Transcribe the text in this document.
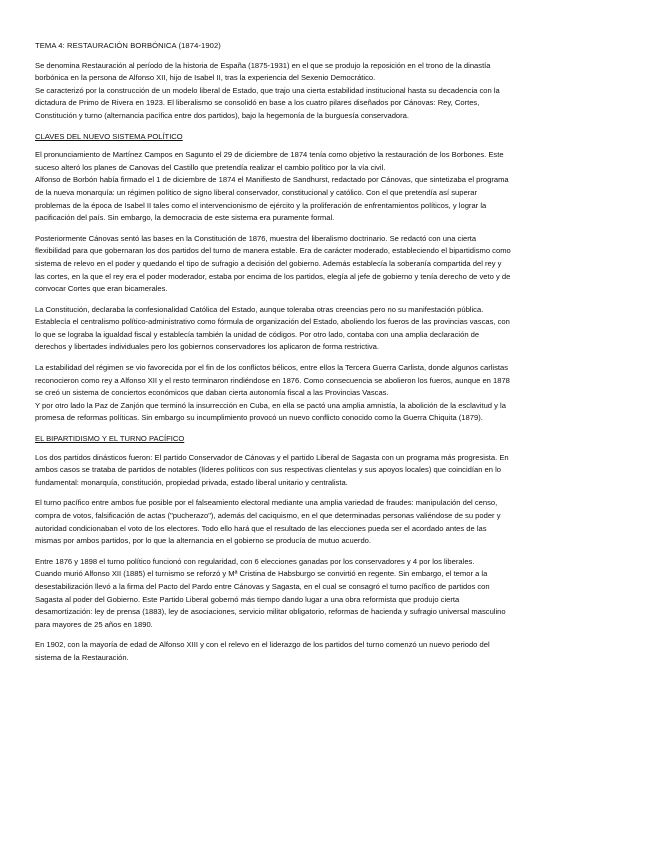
TEMA 4: RESTAURACIÓN BORBÓNICA (1874-1902)
Se denomina Restauración al período de la historia de España (1875-1931) en el que se produjo la reposición en el trono de la dinastía
borbónica en la persona de Alfonso XII, hijo de Isabel II, tras la experiencia del Sexenio Democrático.
Se caracterizó por la construcción de un modelo liberal de Estado, que trajo una cierta estabilidad institucional hasta su decadencia con la
dictadura de Primo de Rivera en 1923. El liberalismo se consolidó en base a los cuatro pilares diseñados por Cánovas: Rey, Cortes,
Constitución y turno (alternancia pacífica entre dos partidos), bajo la hegemonía de la burguesía conservadora.
CLAVES DEL NUEVO SISTEMA POLÍTICO
El pronunciamiento de Martínez Campos en Sagunto el 29 de diciembre de 1874 tenía como objetivo la restauración de los Borbones. Este
suceso alteró los planes de Canovas del Castillo que pretendía realizar el cambio político por la vía civil.
Alfonso de Borbón había firmado el 1 de diciembre de 1874 el Manifiesto de Sandhurst, redactado por Cánovas, que sintetizaba el programa
de la nueva monarquía: un régimen político de signo liberal conservador, constitucional y católico. Con el que pretendía así superar
problemas de la época de Isabel II tales como el intervencionismo de ejército y la proliferación de enfrentamientos políticos, y lograr la
pacificación del país. Sin embargo, la democracia de este sistema era puramente formal.
Posteriormente Cánovas sentó las bases en la Constitución de 1876, muestra del liberalismo doctrinario. Se redactó con una cierta
flexibilidad para que gobernaran los dos partidos del turno de manera estable. Era de carácter moderado, estableciendo el bipartidismo como
sistema de relevo en el poder y quedando el tipo de sufragio a decisión del gobierno. Además establecía la soberanía compartida del rey y
las cortes, en la que el rey era el poder moderador, estaba por encima de los partidos, elegía al jefe de gobierno y tenía derecho de veto y de
convocar Cortes que eran bicamerales.
La Constitución, declaraba la confesionalidad Católica del Estado, aunque toleraba otras creencias pero no su manifestación pública.
Establecía el centralismo político-administrativo como fórmula de organización del Estado, aboliendo los fueros de las provincias vascas, con
lo que se lograba la igualdad fiscal y establecía también la unidad de códigos. Por otro lado, contaba con una amplia declaración de
derechos y libertades individuales pero los gobiernos conservadores los aplicaron de forma restrictiva.
La estabilidad del régimen se vio favorecida por el fin de los conflictos bélicos, entre ellos la Tercera Guerra Carlista, donde algunos carlistas
reconocieron como rey a Alfonso XII y el resto terminaron rindiéndose en 1876. Como consecuencia se abolieron los fueros, aunque en 1878
se creó un sistema de conciertos económicos que daban cierta autonomía fiscal a las Provincias Vascas.
Y por otro lado la Paz de Zanjón que terminó la insurrección en Cuba, en ella se pactó una amplia amnistía, la abolición de la esclavitud y la
promesa de reformas políticas. Sin embargo su incumplimiento provocó un nuevo conflicto conocido como la Guerra Chiquita (1879).
EL BIPARTIDISMO Y EL TURNO PACÍFICO
Los dos partidos dinásticos fueron: El partido Conservador de Cánovas y el partido Liberal de Sagasta con un programa más progresista. En
ambos casos se trataba de partidos de notables (líderes políticos con sus respectivas clientelas y sus apoyos locales) que coincidían en lo
fundamental: monarquía, constitución, propiedad privada, estado liberal unitario y centralista.
El turno pacífico entre ambos fue posible por el falseamiento electoral mediante una amplia variedad de fraudes: manipulación del censo,
compra de votos, falsificación de actas ("pucherazo"), además del caciquismo, en el que determinadas personas valiéndose de su poder y
autoridad condicionaban el voto de los electores. Todo ello hará que el resultado de las elecciones pueda ser el acordado antes de las
mismas por ambos partidos, por lo que la alternancia en el gobierno se producía de mutuo acuerdo.
Entre 1876 y 1898 el turno político funcionó con regularidad, con 6 elecciones ganadas por los conservadores y 4 por los liberales.
Cuando murió Alfonso XII (1885) el turnismo se reforzó y Mª Cristina de Habsburgo se convirtió en regente. Sin embargo, el temor a la
desestabilización llevó a la firma del Pacto del Pardo entre Cánovas y Sagasta, en el cual se consagró el turno pacífico de partidos con
Sagasta al poder del Gobierno. Este Partido Liberal gobernó más tiempo dando lugar a una obra reformista que produjo cierta
desamortización: ley de prensa (1883), ley de asociaciones, servicio militar obligatorio, reformas de hacienda y sufragio universal masculino
para mayores de 25 años en 1890.
En 1902, con la mayoría de edad de Alfonso XIII y con el relevo en el liderazgo de los partidos del turno comenzó un nuevo periodo del
sistema de la Restauración.
